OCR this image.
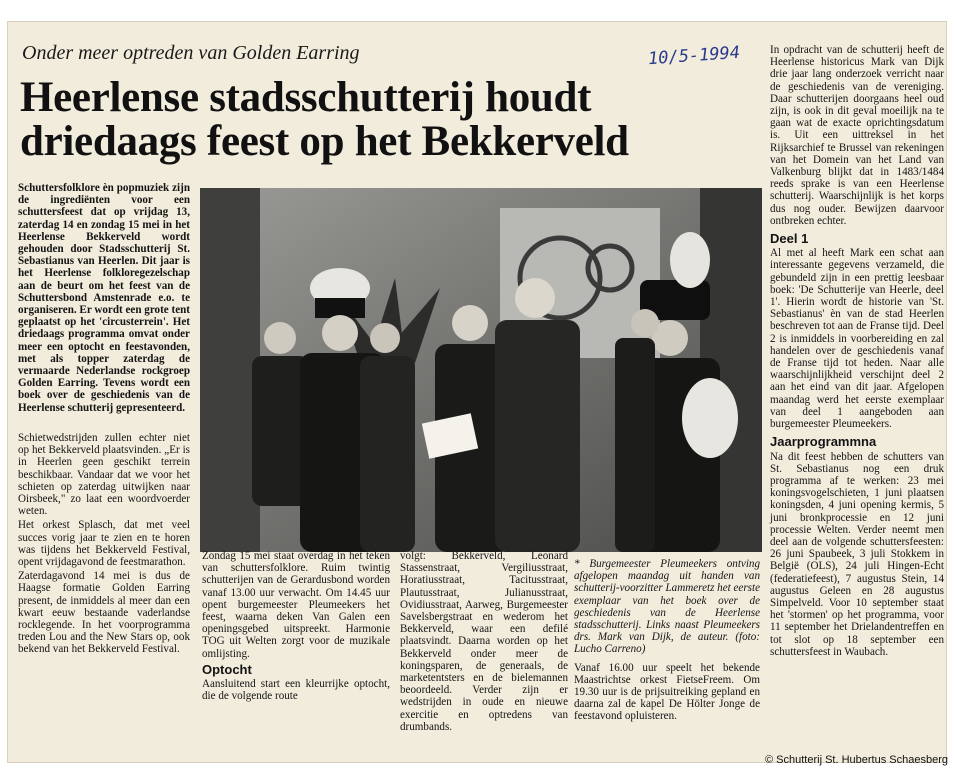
Onder meer optreden van Golden Earring	10/5-1994
Heerlense stadsschutterij houdt driedaags feest op het Bekkerveld

Schuttersfolklore èn popmuziek zijn de ingrediënten voor een schuttersfeest dat op vrijdag 13, zaterdag 14 en zondag 15 mei in het Heerlense Bekkerveld wordt gehouden door Stadsschutterij St. Sebastianus van Heerlen. Dit jaar is het Heerlense folkloregezelschap aan de beurt om het feest van de Schuttersbond Amstenrade e.o. te organiseren. Er wordt een grote tent geplaatst op het 'circusterrein'. Het driedaags programma omvat onder meer een optocht en feestavonden, met als topper zaterdag de vermaarde Nederlandse rockgroep Golden Earring. Tevens wordt een boek over de geschiedenis van de Heerlense schutterij gepresenteerd.

Schietwedstrijden zullen echter niet op het Bekkerveld plaatsvinden. „Er is in Heerlen geen geschikt terrein beschikbaar. Vandaar dat we voor het schieten op zaterdag uitwijken naar Oirsbeek," zo laat een woordvoerder weten.

Het orkest Splasch, dat met veel succes vorig jaar te zien en te horen was tijdens het Bekkerveld Festival, opent vrijdagavond de feestmarathon.

Zaterdagavond 14 mei is dus de Haagse formatie Golden Earring present, de inmiddels al meer dan een kwart eeuw bestaande vaderlandse rocklegende. In het voorprogramma treden Lou and the New Stars op, ook bekend van het Bekkerveld Festival.

Zondag 15 mei staat overdag in het teken van schuttersfolklore. Ruim twintig schutterijen van de Gerardusbond worden vanaf 13.00 uur verwacht. Om 14.45 uur opent burgemeester Pleumeekers het feest, waarna deken Van Galen een openingsgebed uitspreekt. Harmonie TOG uit Welten zorgt voor de muzikale omlijsting.

Optocht

Aansluitend start een kleurrijke optocht, die de volgende route

volgt: Bekkerveld, Leonard Stassenstraat, Vergiliusstraat, Horatiusstraat, Tacitusstraat, Plautusstraat, Julianusstraat, Ovidiusstraat, Aarweg, Burgemeester Savelsbergstraat en wederom het Bekkerveld, waar een defilé plaatsvindt. Daarna worden op het Bekkerveld onder meer de koningsparen, de generaals, de marketentsters en de bielemannen beoordeeld. Verder zijn er wedstrijden in oude en nieuwe exercitie en optredens van drumbands.

* Burgemeester Pleumeekers ontving afgelopen maandag uit handen van schutterij-voorzitter Lammeretz het eerste exemplaar van het boek over de geschiedenis van de Heerlense stadsschutterij. Links naast Pleumeekers drs. Mark van Dijk, de auteur. (foto: Lucho Carreno)

Vanaf 16.00 uur speelt het bekende Maastrichtse orkest FietseFreem. Om 19.30 uur is de prijsuitreiking gepland en daarna zal de kapel De Hölter Jonge de feestavond opluisteren.

In opdracht van de schutterij heeft de Heerlense historicus Mark van Dijk drie jaar lang onderzoek verricht naar de geschiedenis van de vereniging. Daar schutterijen doorgaans heel oud zijn, is ook in dit geval moeilijk na te gaan wat de exacte oprichtingsdatum is. Uit een uittreksel in het Rijksarchief te Brussel van rekeningen van het Domein van het Land van Valkenburg blijkt dat in 1483/1484 reeds sprake is van een Heerlense schutterij. Waarschijnlijk is het korps dus nog ouder. Bewijzen daarvoor ontbreken echter.

Deel 1

Al met al heeft Mark een schat aan interessante gegevens verzameld, die gebundeld zijn in een prettig leesbaar boek: 'De Schutterije van Heerle, deel 1'. Hierin wordt de historie van 'St. Sebastianus' èn van de stad Heerlen beschreven tot aan de Franse tijd. Deel 2 is inmiddels in voorbereiding en zal handelen over de geschiedenis vanaf de Franse tijd tot heden. Naar alle waarschijnlijkheid verschijnt deel 2 aan het eind van dit jaar. Afgelopen maandag werd het eerste exemplaar van deel 1 aangeboden aan burgemeester Pleumeekers.

Jaarprogrammna

Na dit feest hebben de schutters van St. Sebastianus nog een druk programma af te werken: 23 mei koningsvogelschieten, 1 juni plaatsen koningsden, 4 juni opening kermis, 5 juni bronkprocessie en 12 juni processie Welten. Verder neemt men deel aan de volgende schuttersfeesten: 26 juni Spaubeek, 3 juli Stokkem in België (OLS), 24 juli Hingen-Echt (federatiefeest), 7 augustus Stein, 14 augustus Geleen en 28 augustus Simpelveld. Voor 10 september staat het 'stormen' op het programma, voor 11 september het Drielandentreffen en tot slot op 18 september een schuttersfeest in Waubach.

© Schutterij St. Hubertus Schaesberg
